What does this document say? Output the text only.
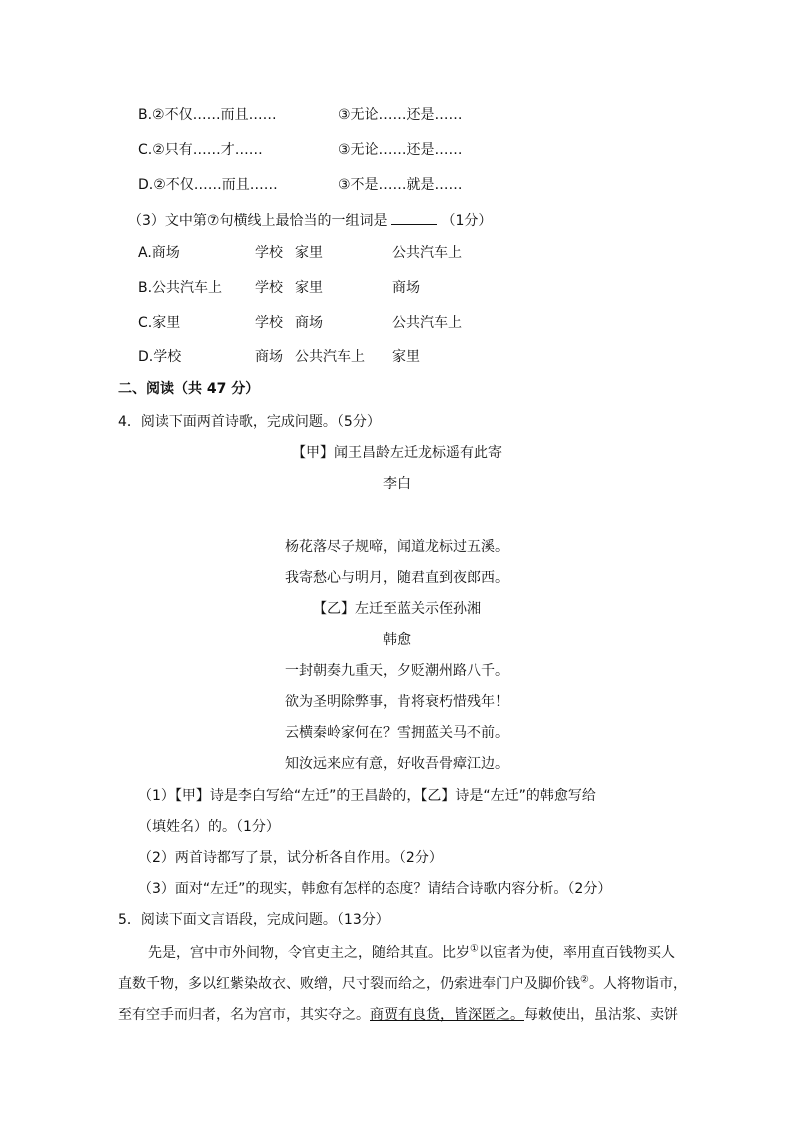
B.②不仅……而且……	③无论……还是……
C.②只有……才……	③无论……还是……
D.②不仅……而且……	③不是……就是……
（3）文中第⑦句横线上最恰当的一组词是	（1分）
A.商场	学校 家里	公共汽车上
B.公共汽车上 学校 家里	商场
C.家里	学校 商场	公共汽车上
D.学校	商场 公共汽车上 家里
二、阅读（共 47 分）
4．阅读下面两首诗歌，完成问题。（5分）
【甲】闻王昌龄左迁龙标遥有此寄
李白
杨花落尽子规啼，闻道龙标过五溪。
我寄愁心与明月，随君直到夜郎西。
【乙】左迁至蓝关示侄孙湘
韩愈
一封朝奏九重天，夕贬潮州路八千。
欲为圣明除弊事，肯将衰朽惜残年！
云横秦岭家何在？雪拥蓝关马不前。
知汝远来应有意，好收吾骨瘴江边。
（1）【甲】诗是李白写给“左迁”的王昌龄的，【乙】诗是“左迁”的韩愈写给
（填姓名）的。（1分）
（2）两首诗都写了景，试分析各自作用。（2分）
（3）面对“左迁”的现实，韩愈有怎样的态度？请结合诗歌内容分析。（2分）
5．阅读下面文言语段，完成问题。（13分）
先是，宫中市外间物，令官吏主之，随给其直。比岁①以宦者为使，率用直百钱物买人
直数千物，多以红紫染故衣、败缯，尺寸裂而给之，仍索进奉门户及脚价钱②。人将物诣市，
至有空手而归者，名为宫市，其实夺之。商贾有良货，皆深匿之。每敕使出，虽沽浆、卖饼
